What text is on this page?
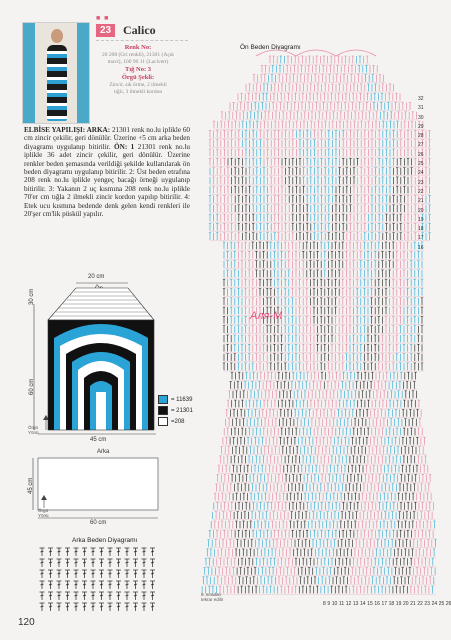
■ ■
23 Calico
Renk No:
20 208 (Gri renkli), 21301 (Açık
mavi), 100 90 11 (Lacivert)
Tığ No: 3
Örgü Şekli:
Zincir, sık örme, 2 ilmekli
tığlı, 3 ilmekli kordon
ELBİSE YAPILIŞI: ARKA: 21301 renk no.lu iplikle 60 cm zincir çekilir, geri dönülür. Üzerine +5 cm arka beden diyagramı uygulanıp bitirilir. ÖN: 1 21301 renk no.lu iplikle 36 adet zincir çekilir, geri dönülür. Üzerine renkler beden şemasında verildiği şekilde kullanılarak ön beden diyagramı uygulanıp bitirilir. 2: Üst beden etrafına 208 renk no.lu iplikle yengeç bacağı örneği uygulanıp bitirilir. 3: Yakanın 2 uç kısmına 208 renk no.lu iplikle 70'er cm tığla 2 ilmekli zincir kordon yapılıp bitirilir. 4: Etek ucu kısmına bedende denk gelen kendi renkleri ile 20'şer cm'lik püskül yapılır.
20 cm
30 cm
60 cm
45 cm
Örgü
Yönü
= 11639
= 21301
=208
Arka
45 cm
60 cm
Örgü
Yönü
Arka Beden Diyagramı
Ön Beden Diyagramı
32
31
30
29
28
27
26
25
24
23
22
21
20
19
18
17
16
8 9 10 11 12 13 14 15 16 17 18 19 20 21 22 23 24 25 26
8. sıradan
tekrar edilir
Аля-М
120
